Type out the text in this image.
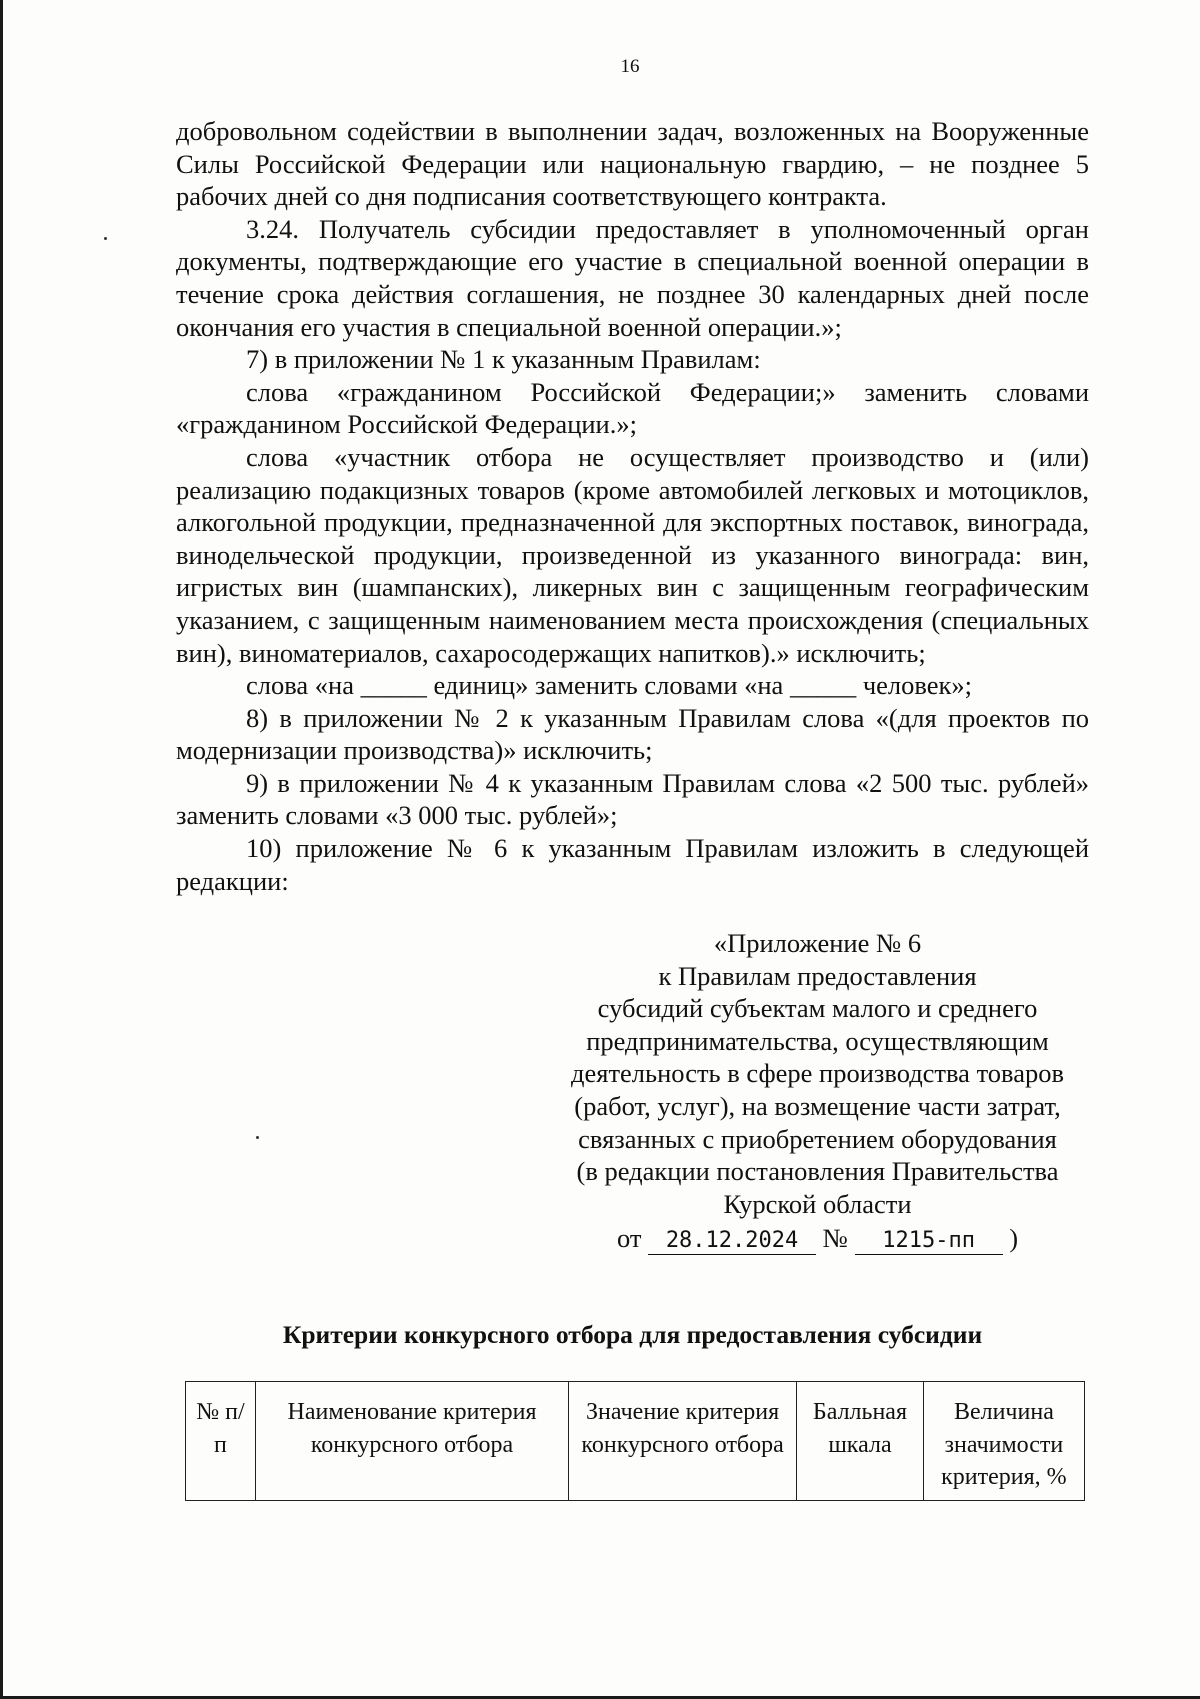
16

добровольном содействии в выполнении задач, возложенных на Вооруженные Силы Российской Федерации или национальную гвардию, – не позднее 5 рабочих дней со дня подписания соответствующего контракта.

3.24. Получатель субсидии предоставляет в уполномоченный орган документы, подтверждающие его участие в специальной военной операции в течение срока действия соглашения, не позднее 30 календарных дней после окончания его участия в специальной военной операции.»;

7) в приложении № 1 к указанным Правилам:

слова «гражданином Российской Федерации;» заменить словами «гражданином Российской Федерации.»;

слова «участник отбора не осуществляет производство и (или) реализацию подакцизных товаров (кроме автомобилей легковых и мотоциклов, алкогольной продукции, предназначенной для экспортных поставок, винограда, винодельческой продукции, произведенной из указанного винограда: вин, игристых вин (шампанских), ликерных вин с защищенным географическим указанием, с защищенным наименованием места происхождения (специальных вин), виноматериалов, сахаросодержащих напитков).» исключить;

слова «на _____ единиц» заменить словами «на _____ человек»;

8) в приложении № 2 к указанным Правилам слова «(для проектов по модернизации производства)» исключить;

9) в приложении № 4 к указанным Правилам слова «2 500 тыс. рублей» заменить словами «3 000 тыс. рублей»;

10) приложение № 6 к указанным Правилам изложить в следующей редакции:

«Приложение № 6
к Правилам предоставления
субсидий субъектам малого и среднего
предпринимательства, осуществляющим
деятельность в сфере производства товаров
(работ, услуг), на возмещение части затрат,
связанных с приобретением оборудования
(в редакции постановления Правительства
Курской области
от 28.12.2024 № 1215-пп )
Критерии конкурсного отбора для предоставления субсидии
№ п/п	Наименование критерия конкурсного отбора	Значение критерия конкурсного отбора	Балльная шкала	Величина значимости критерия, %
